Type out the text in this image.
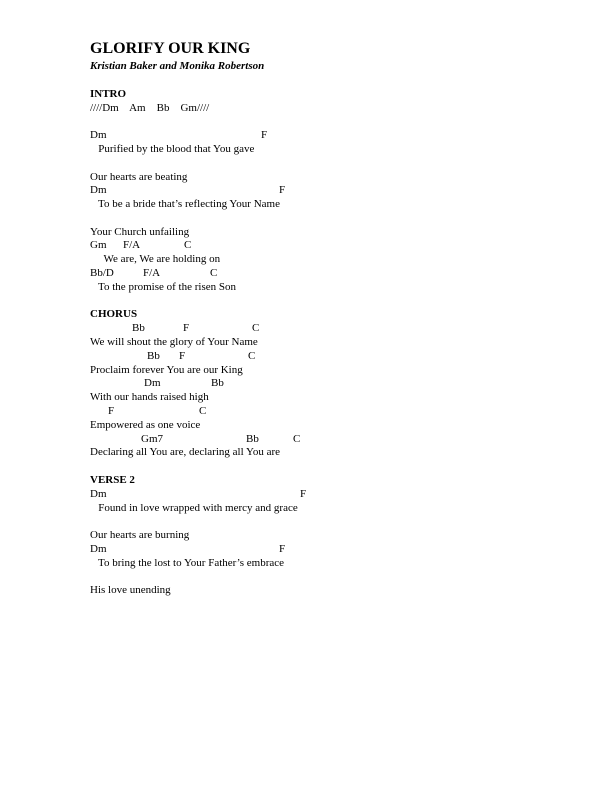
GLORIFY OUR KING
Kristian Baker and Monika Robertson
INTRO
////Dm    Am    Bb    Gm////
Dm	F
Purified by the blood that You gave
Our hearts are beating
Dm	F
To be a bride that’s reflecting Your Name
Your Church unfailing
Gm F/A	C
We are, We are holding on
Bb/D	F/A	C
To the promise of the risen Son
CHORUS
Bb	F	C
We will shout the glory of Your Name
Bb F	C
Proclaim forever You are our King
Dm	Bb
With our hands raised high
F	C
Empowered as one voice
Gm7	Bb	C
Declaring all You are, declaring all You are
VERSE 2
Dm	F
Found in love wrapped with mercy and grace
Our hearts are burning
Dm	F
To bring the lost to Your Father’s embrace
His love unending
